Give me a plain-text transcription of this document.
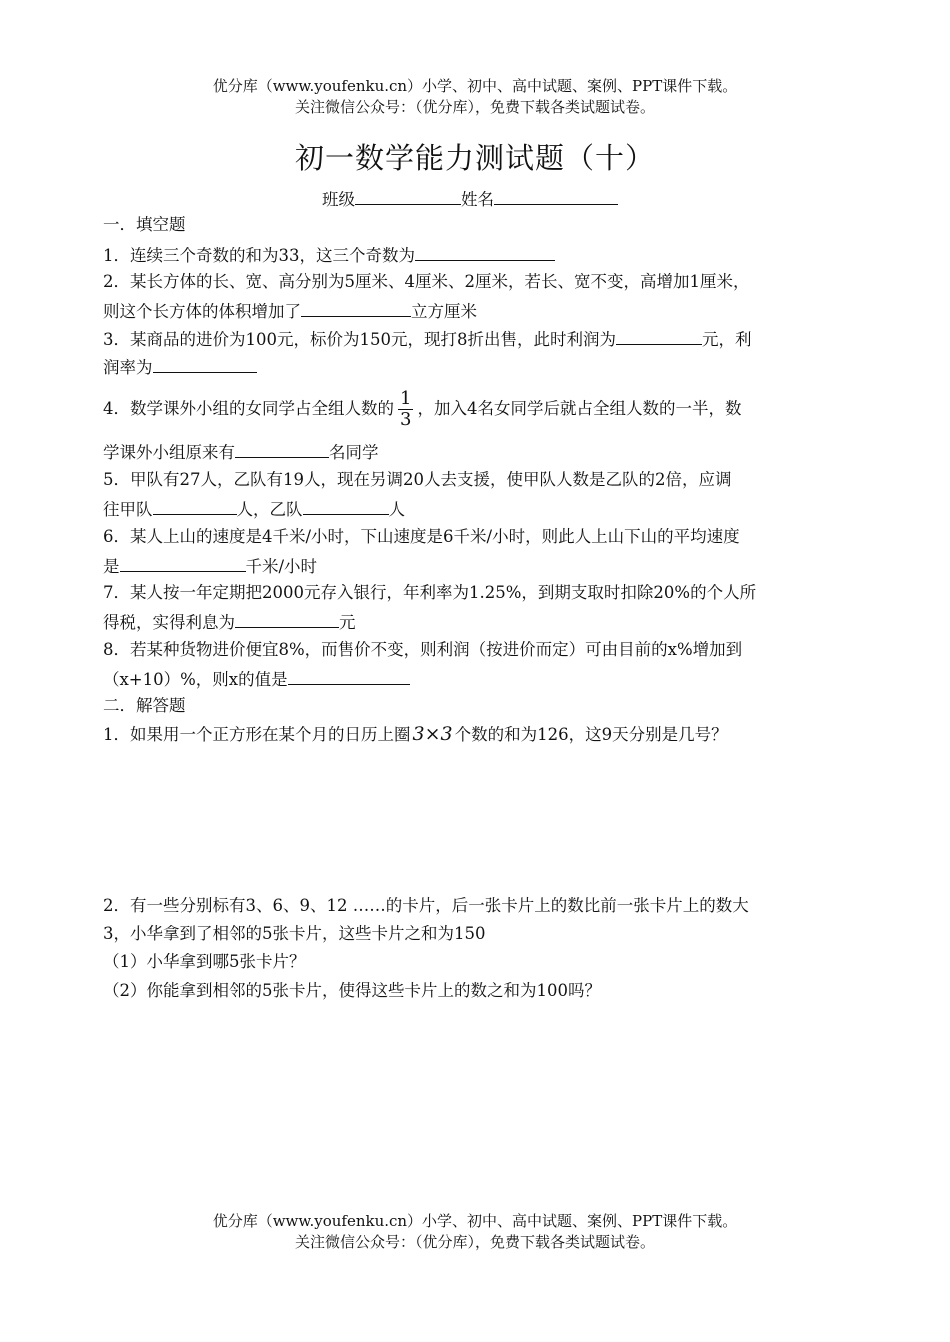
优分库（www.youfenku.cn）小学、初中、高中试题、案例、PPT课件下载。
关注微信公众号：（优分库），免费下载各类试题试卷。
初一数学能力测试题（十）
班级	姓名
一．填空题
1．连续三个奇数的和为33，这三个奇数为
2．某长方体的长、宽、高分别为5厘米、4厘米、2厘米，若长、宽不变，高增加1厘米，
则这个长方体的体积增加了	立方厘米
3．某商品的进价为100元，标价为150元，现打8折出售，此时利润为	元，利
润率为
4．数学课外小组的女同学占全组人数的 $\frac{1}{3}$ ，加入4名女同学后就占全组人数的一半，数
学课外小组原来有	名同学
5．甲队有27人，乙队有19人，现在另调20人去支援，使甲队人数是乙队的2倍，应调
往甲队	人，乙队	人
6．某人上山的速度是4千米/小时，下山速度是6千米/小时，则此人上山下山的平均速度
是	千米/小时
7．某人按一年定期把2000元存入银行，年利率为1.25%，到期支取时扣除20%的个人所
得税，实得利息为	元
8．若某种货物进价便宜8%，而售价不变，则利润（按进价而定）可由目前的x%增加到
（x+10）%，则x的值是
二．解答题
1．如果用一个正方形在某个月的日历上圈 3×3 个数的和为126，这9天分别是几号？
2．有一些分别标有3、6、9、12 ……的卡片，后一张卡片上的数比前一张卡片上的数大
3，小华拿到了相邻的5张卡片，这些卡片之和为150
（1）小华拿到哪5张卡片？
（2）你能拿到相邻的5张卡片，使得这些卡片上的数之和为100吗？
优分库（www.youfenku.cn）小学、初中、高中试题、案例、PPT课件下载。
关注微信公众号：（优分库），免费下载各类试题试卷。
